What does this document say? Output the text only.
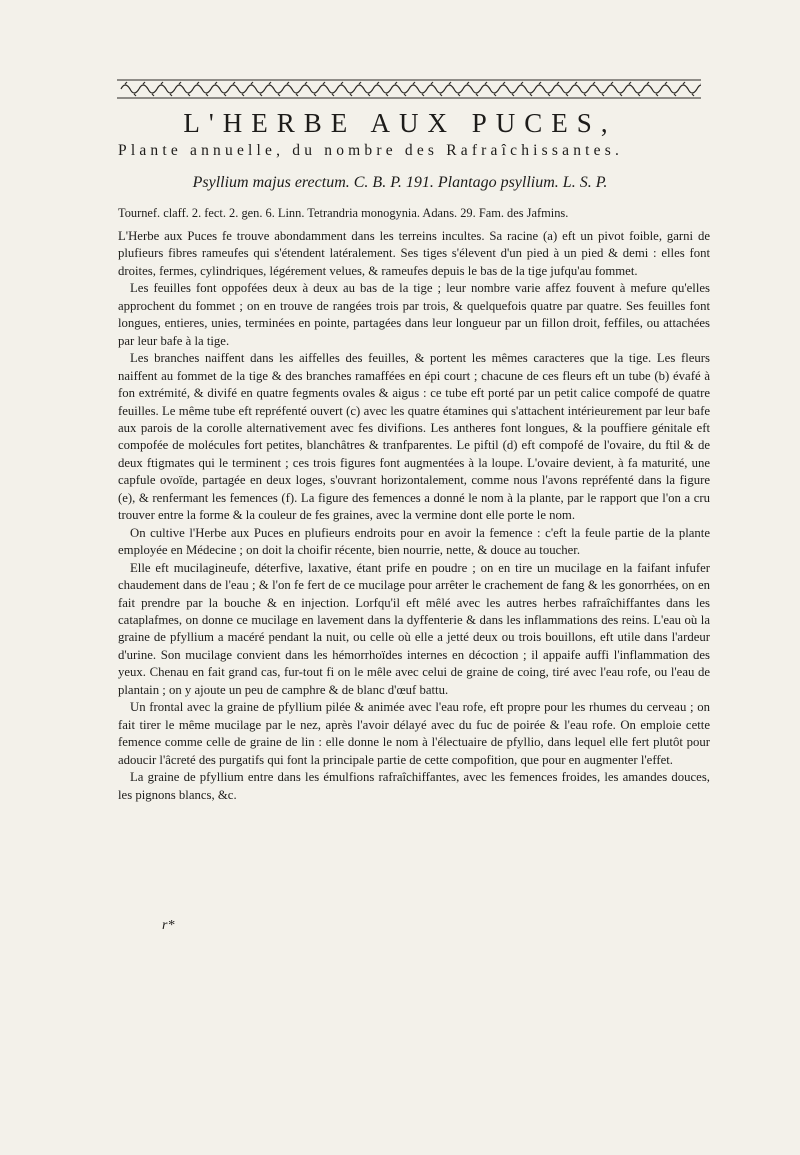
L'HERBE AUX PUCES,
Plante annuelle, du nombre des Rafraîchissantes.
Psyllium majus erectum. C. B. P. 191. Plantago psyllium. L. S. P.
Tournef. claff. 2. fect. 2. gen. 6. Linn. Tetrandria monogynia. Adans. 29. Fam. des Jafmins.

L'Herbe aux Puces fe trouve abondamment dans les terreins incultes. Sa racine (a) eft un pivot foible, garni de plufieurs fibres rameufes qui s'étendent latéralement. Ses tiges s'élevent d'un pied à un pied & demi : elles font droites, fermes, cylindriques, légérement velues, & rameufes depuis le bas de la tige jufqu'au fommet.

Les feuilles font oppofées deux à deux au bas de la tige ; leur nombre varie affez fouvent à mefure qu'elles approchent du fommet ; on en trouve de rangées trois par trois, & quelquefois quatre par quatre. Ses feuilles font longues, entieres, unies, terminées en pointe, partagées dans leur longueur par un fillon droit, feffiles, ou attachées par leur bafe à la tige.

Les branches naiffent dans les aiffelles des feuilles, & portent les mêmes caracteres que la tige. Les fleurs naiffent au fommet de la tige & des branches ramaffées en épi court ; chacune de ces fleurs eft un tube (b) évafé à fon extrémité, & divifé en quatre fegments ovales & aigus : ce tube eft porté par un petit calice compofé de quatre feuilles. Le même tube eft repréfenté ouvert (c) avec les quatre étamines qui s'attachent intérieurement par leur bafe aux parois de la corolle alternativement avec fes divifions. Les antheres font longues, & la pouffiere génitale eft compofée de molécules fort petites, blanchâtres & tranfparentes. Le piftil (d) eft compofé de l'ovaire, du ftil & de deux ftigmates qui le terminent ; ces trois figures font augmentées à la loupe. L'ovaire devient, à fa maturité, une capfule ovoïde, partagée en deux loges, s'ouvrant horizontalement, comme nous l'avons repréfenté dans la figure (e), & renfermant les femences (f). La figure des femences a donné le nom à la plante, par le rapport que l'on a cru trouver entre la forme & la couleur de fes graines, avec la vermine dont elle porte le nom.

On cultive l'Herbe aux Puces en plufieurs endroits pour en avoir la femence : c'eft la feule partie de la plante employée en Médecine ; on doit la choifir récente, bien nourrie, nette, & douce au toucher.

Elle eft mucilagineufe, déterfive, laxative, étant prife en poudre ; on en tire un mucilage en la faifant infufer chaudement dans de l'eau ; & l'on fe fert de ce mucilage pour arrêter le crachement de fang & les gonorrhées, on en fait prendre par la bouche & en injection. Lorfqu'il eft mêlé avec les autres herbes rafraîchiffantes dans les cataplafmes, on donne ce mucilage en lavement dans la dyffenterie & dans les inflammations des reins. L'eau où la graine de pfyllium a macéré pendant la nuit, ou celle où elle a jetté deux ou trois bouillons, eft utile dans l'ardeur d'urine. Son mucilage convient dans les hémorrhoïdes internes en décoction ; il appaife auffi l'inflammation des yeux. Chenau en fait grand cas, fur-tout fi on le mêle avec celui de graine de coing, tiré avec l'eau rofe, ou l'eau de plantain ; on y ajoute un peu de camphre & de blanc d'œuf battu.

Un frontal avec la graine de pfyllium pilée & animée avec l'eau rofe, eft propre pour les rhumes du cerveau ; on fait tirer le même mucilage par le nez, après l'avoir délayé avec du fuc de poirée & l'eau rofe. On emploie cette femence comme celle de graine de lin : elle donne le nom à l'électuaire de pfyllio, dans lequel elle fert plutôt pour adoucir l'âcreté des purgatifs qui font la principale partie de cette compofition, que pour en augmenter l'effet.

La graine de pfyllium entre dans les émulfions rafraîchiffantes, avec les femences froides, les amandes douces, les pignons blancs, &c.

r*
